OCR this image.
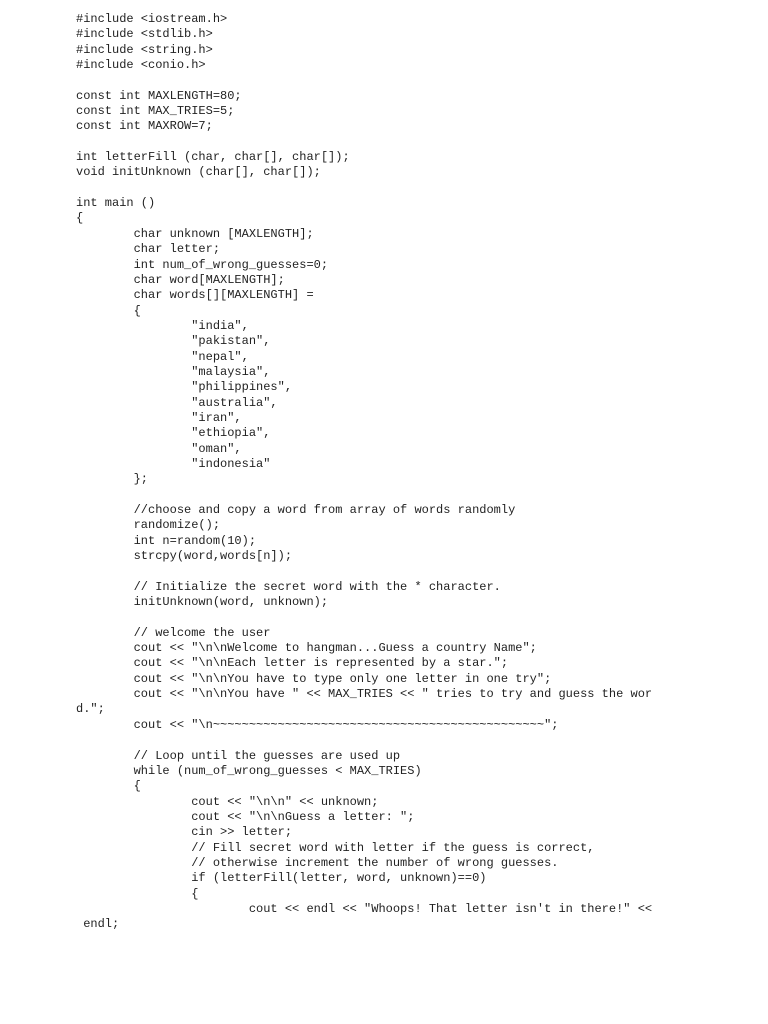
#include <iostream.h>
#include <stdlib.h>
#include <string.h>
#include <conio.h>
const int MAXLENGTH=80;
const int MAX_TRIES=5;
const int MAXROW=7;
int letterFill (char, char[], char[]);
void initUnknown (char[], char[]);
int main ()
{
	char unknown [MAXLENGTH];
	char letter;
	int num_of_wrong_guesses=0;
	char word[MAXLENGTH];
	char words[][MAXLENGTH] =
	{
		"india",
		"pakistan",
		"nepal",
		"malaysia",
		"philippines",
		"australia",
		"iran",
		"ethiopia",
		"oman",
		"indonesia"
	};
	//choose and copy a word from array of words randomly
	randomize();
	int n=random(10);
	strcpy(word,words[n]);
	// Initialize the secret word with the * character.
	initUnknown(word, unknown);
	// welcome the user
	cout << "\n\nWelcome to hangman...Guess a country Name";
	cout << "\n\nEach letter is represented by a star.";
	cout << "\n\nYou have to type only one letter in one try";
	cout << "\n\nYou have " << MAX_TRIES << " tries to try and guess the wor
d.";
	cout << "\n~~~~~~~~~~~~~~~~~~~~~~~~~~~~~~~~~~~~~~~~~~~~~~";
	// Loop until the guesses are used up
	while (num_of_wrong_guesses < MAX_TRIES)
	{
		cout << "\n\n" << unknown;
		cout << "\n\nGuess a letter: ";
		cin >> letter;
		// Fill secret word with letter if the guess is correct,
		// otherwise increment the number of wrong guesses.
		if (letterFill(letter, word, unknown)==0)
		{
			cout << endl << "Whoops! That letter isn't in there!" <<
endl;
